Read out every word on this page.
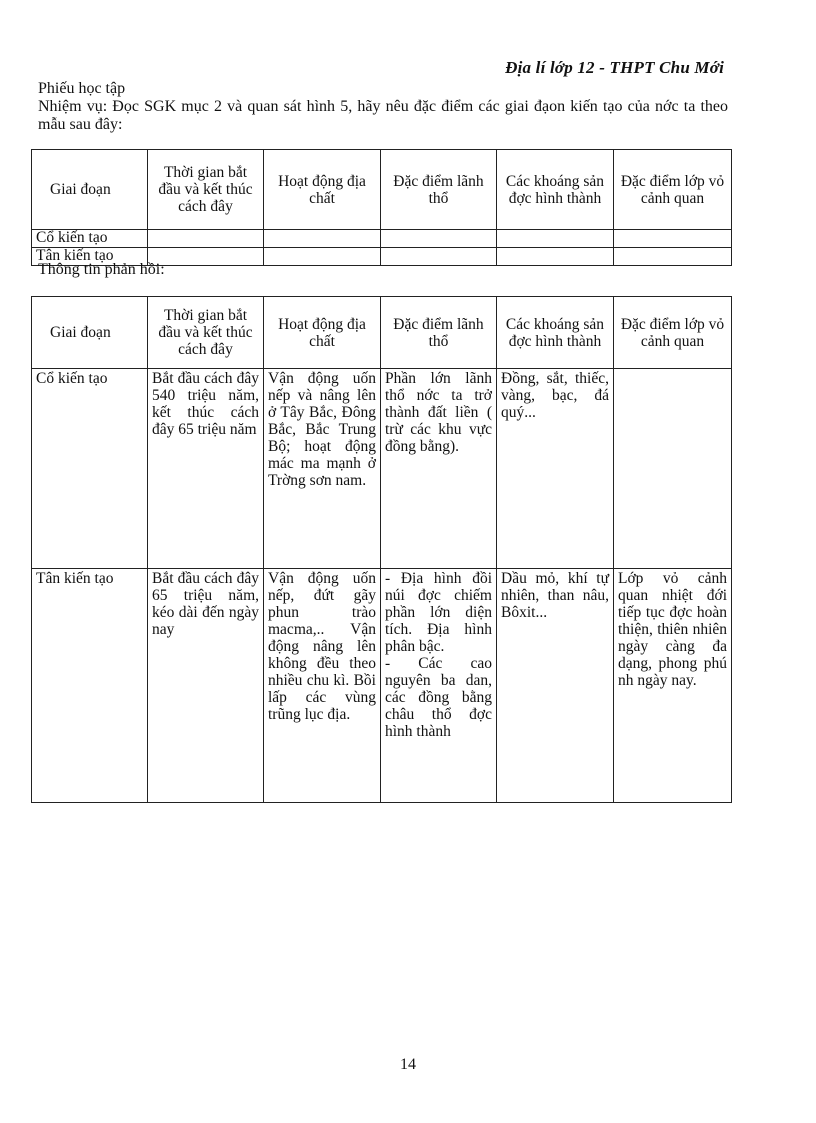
Địa lí lớp 12 - THPT Chu Mới

Phiếu học tập

Nhiệm vụ: Đọc SGK mục 2 và quan sát hình 5, hãy nêu đặc điểm các giai đạon kiến tạo của nớc ta theo mẫu sau đây:

Giai đoạn	Thời gian bắt đầu và kết thúc cách đây	Hoạt động địa chất	Đặc điểm lãnh thổ	Các khoáng sản đợc hình thành	Đặc điểm lớp vỏ cảnh quan
Cổ kiến tạo					
Tân kiến tạo					
Thông tin phản hồi:
Giai đoạn	Thời gian bắt đầu và kết thúc cách đây	Hoạt động địa chất	Đặc điểm lãnh thổ	Các khoáng sản đợc hình thành	Đặc điểm lớp vỏ cảnh quan
Cổ kiến tạo	Bắt đầu cách đây 540 triệu năm, kết thúc cách đây 65 triệu năm	Vận động uốn nếp và nâng lên ở Tây Bắc, Đông Bắc, Bắc Trung Bộ; hoạt động mác ma mạnh ở Trờng sơn nam.	Phần lớn lãnh thổ nớc ta trở thành đất liền ( trừ các khu vực đồng bằng).	Đồng, sắt, thiếc, vàng, bạc, đá quý...	
Tân kiến tạo	Bắt đầu cách đây 65 triệu năm, kéo dài đến ngày nay	Vận động uốn nếp, đứt gãy phun trào macma,.. Vận động nâng lên không đều theo nhiều chu kì. Bồi lấp các vùng trũng lục địa.	- Địa hình đồi núi đợc chiếm phần lớn diện tích. Địa hình phân bậc.
- Các cao nguyên ba dan, các đồng bằng châu thổ đợc hình thành	Dầu mỏ, khí tự nhiên, than nâu, Bôxit...	Lớp vỏ cảnh quan nhiệt đới tiếp tục đợc hoàn thiện, thiên nhiên ngày càng đa dạng, phong phú nh ngày nay.
14
